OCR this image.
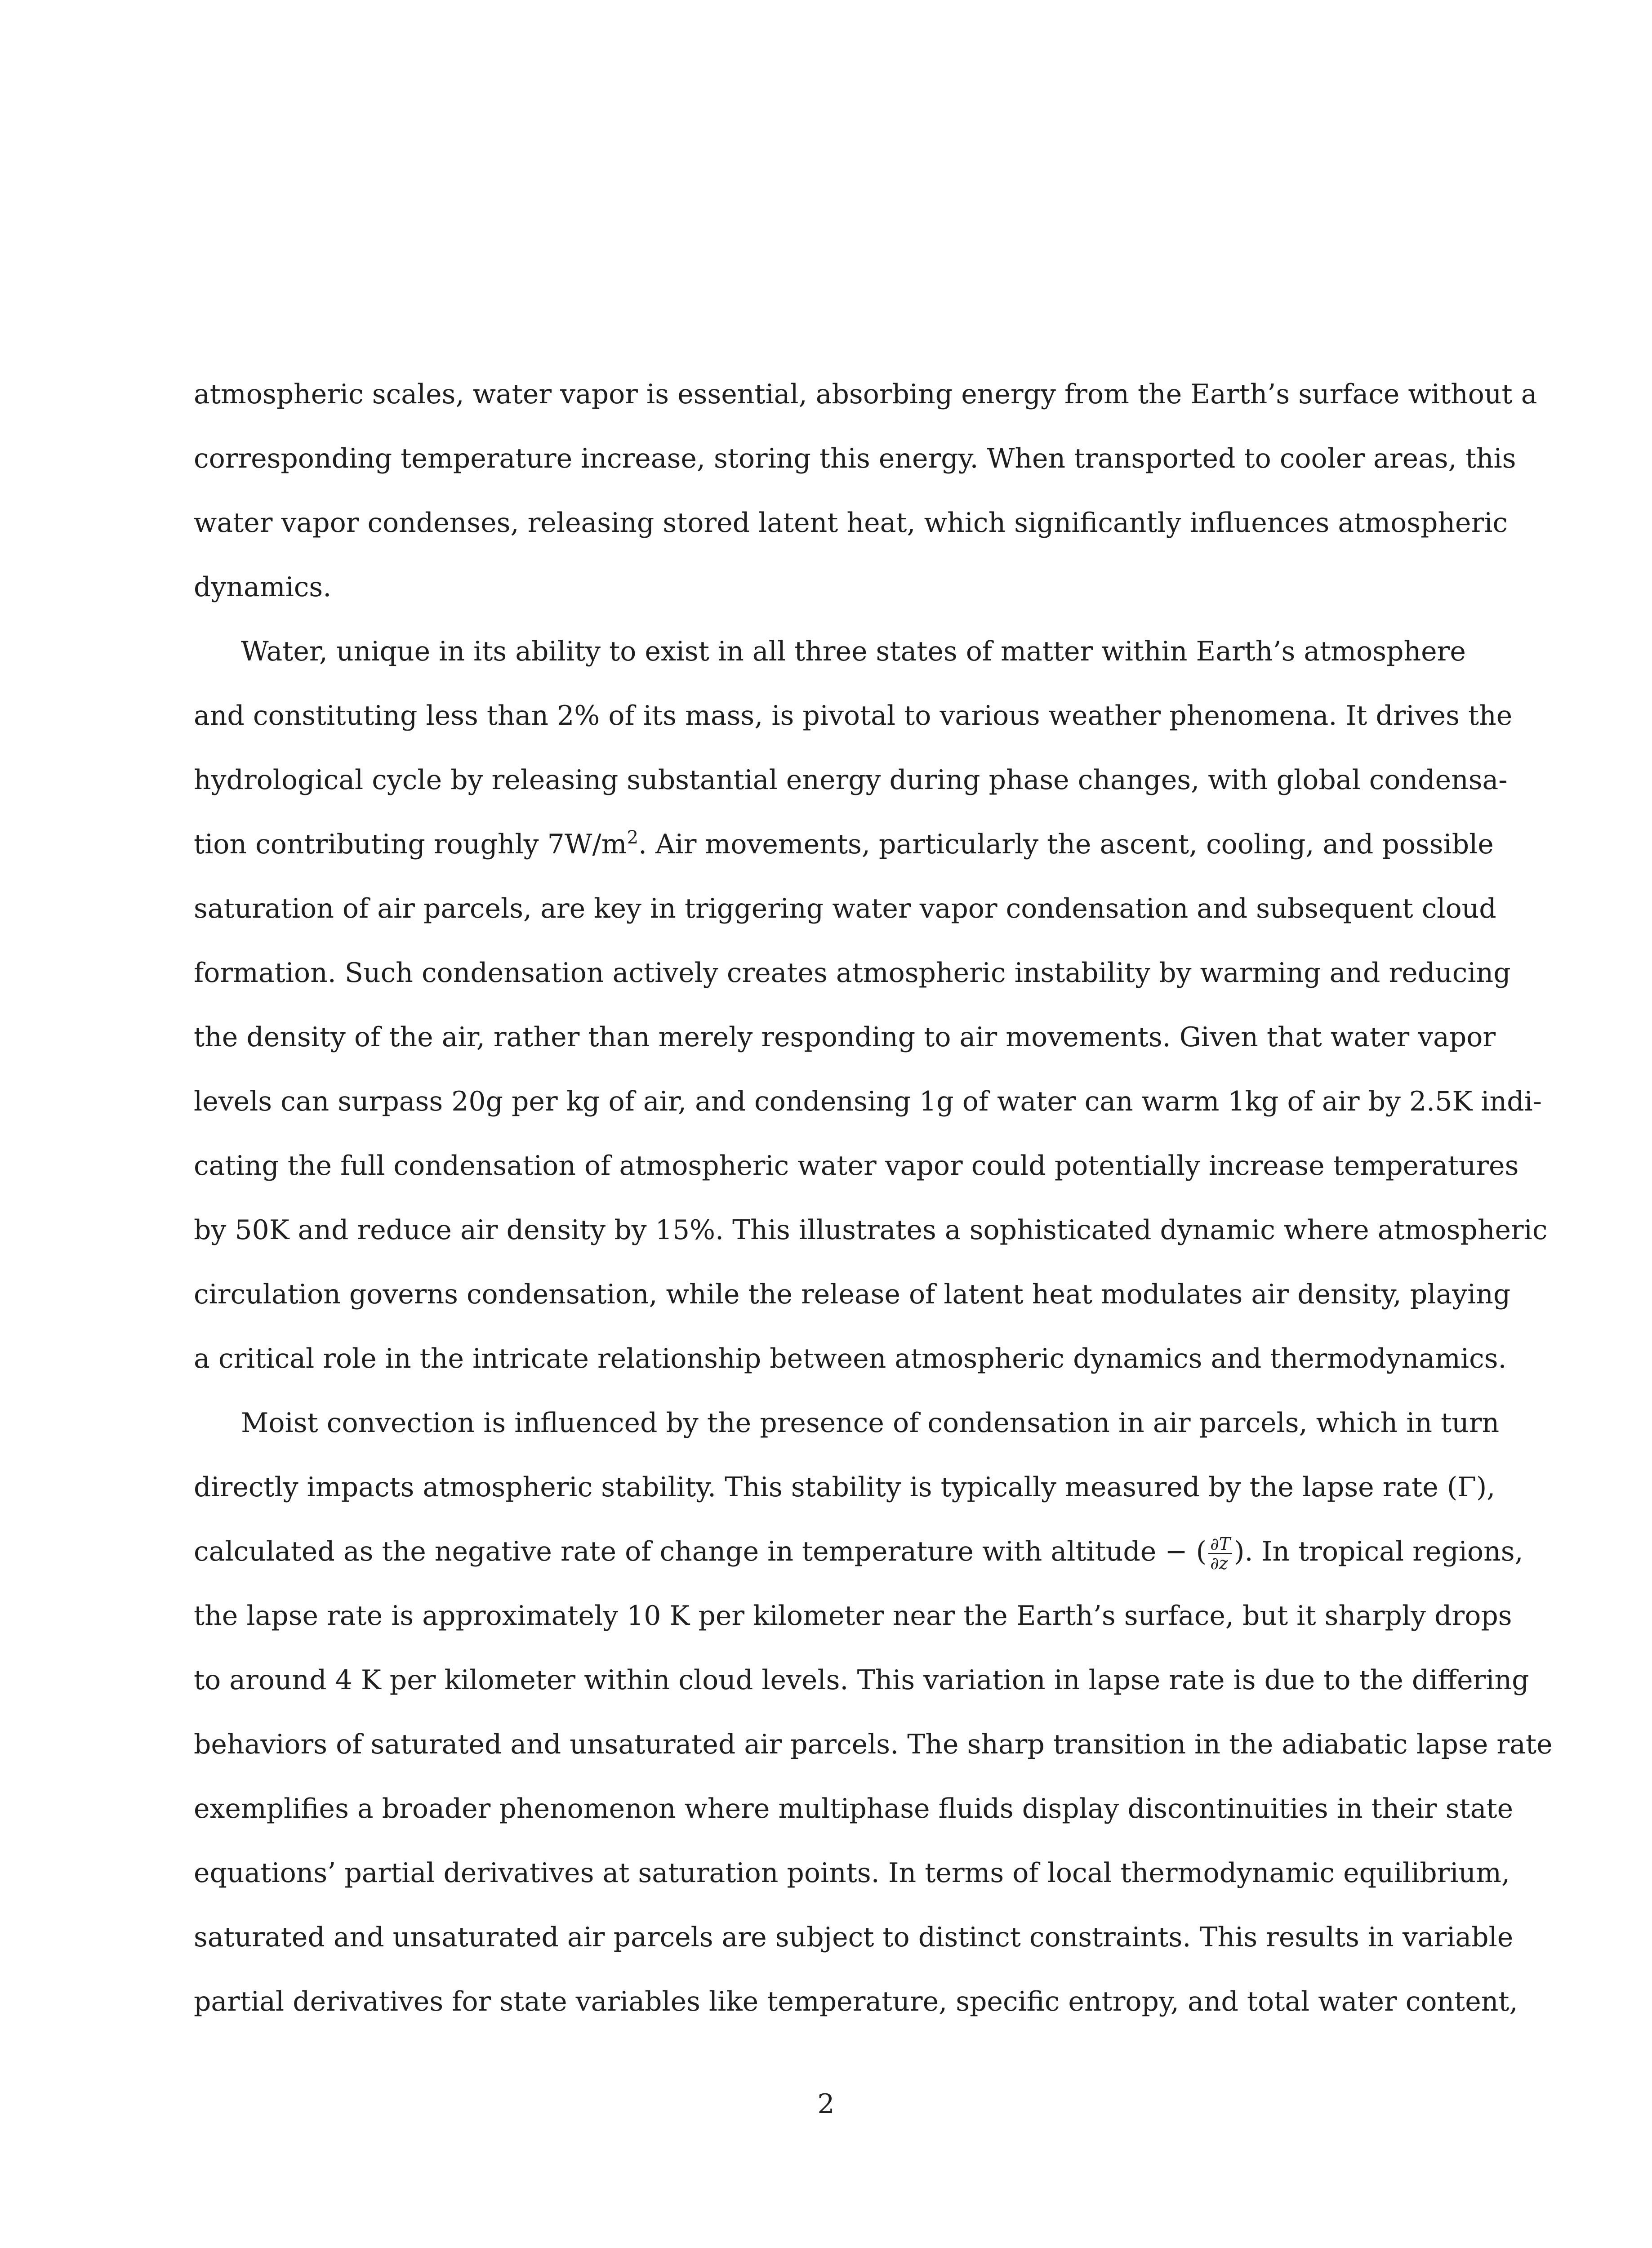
atmospheric scales, water vapor is essential, absorbing energy from the Earth’s surface without a
corresponding temperature increase, storing this energy. When transported to cooler areas, this
water vapor condenses, releasing stored latent heat, which significantly influences atmospheric
dynamics.
Water, unique in its ability to exist in all three states of matter within Earth’s atmosphere
and constituting less than 2% of its mass, is pivotal to various weather phenomena. It drives the
hydrological cycle by releasing substantial energy during phase changes, with global condensa-
tion contributing roughly $7W/m^2$. Air movements, particularly the ascent, cooling, and possible
saturation of air parcels, are key in triggering water vapor condensation and subsequent cloud
formation. Such condensation actively creates atmospheric instability by warming and reducing
the density of the air, rather than merely responding to air movements. Given that water vapor
levels can surpass 20g per kg of air, and condensing 1g of water can warm 1kg of air by 2.5K indi-
cating the full condensation of atmospheric water vapor could potentially increase temperatures
by 50K and reduce air density by 15%. This illustrates a sophisticated dynamic where atmospheric
circulation governs condensation, while the release of latent heat modulates air density, playing
a critical role in the intricate relationship between atmospheric dynamics and thermodynamics.
Moist convection is influenced by the presence of condensation in air parcels, which in turn
directly impacts atmospheric stability. This stability is typically measured by the lapse rate (Γ),
calculated as the negative rate of change in temperature with altitude − ( $\frac{\partial T}{\partial z}$ ). In tropical regions,
the lapse rate is approximately 10 K per kilometer near the Earth’s surface, but it sharply drops
to around 4 K per kilometer within cloud levels. This variation in lapse rate is due to the differing
behaviors of saturated and unsaturated air parcels. The sharp transition in the adiabatic lapse rate
exemplifies a broader phenomenon where multiphase fluids display discontinuities in their state
equations’ partial derivatives at saturation points. In terms of local thermodynamic equilibrium,
saturated and unsaturated air parcels are subject to distinct constraints. This results in variable
partial derivatives for state variables like temperature, specific entropy, and total water content,
2
